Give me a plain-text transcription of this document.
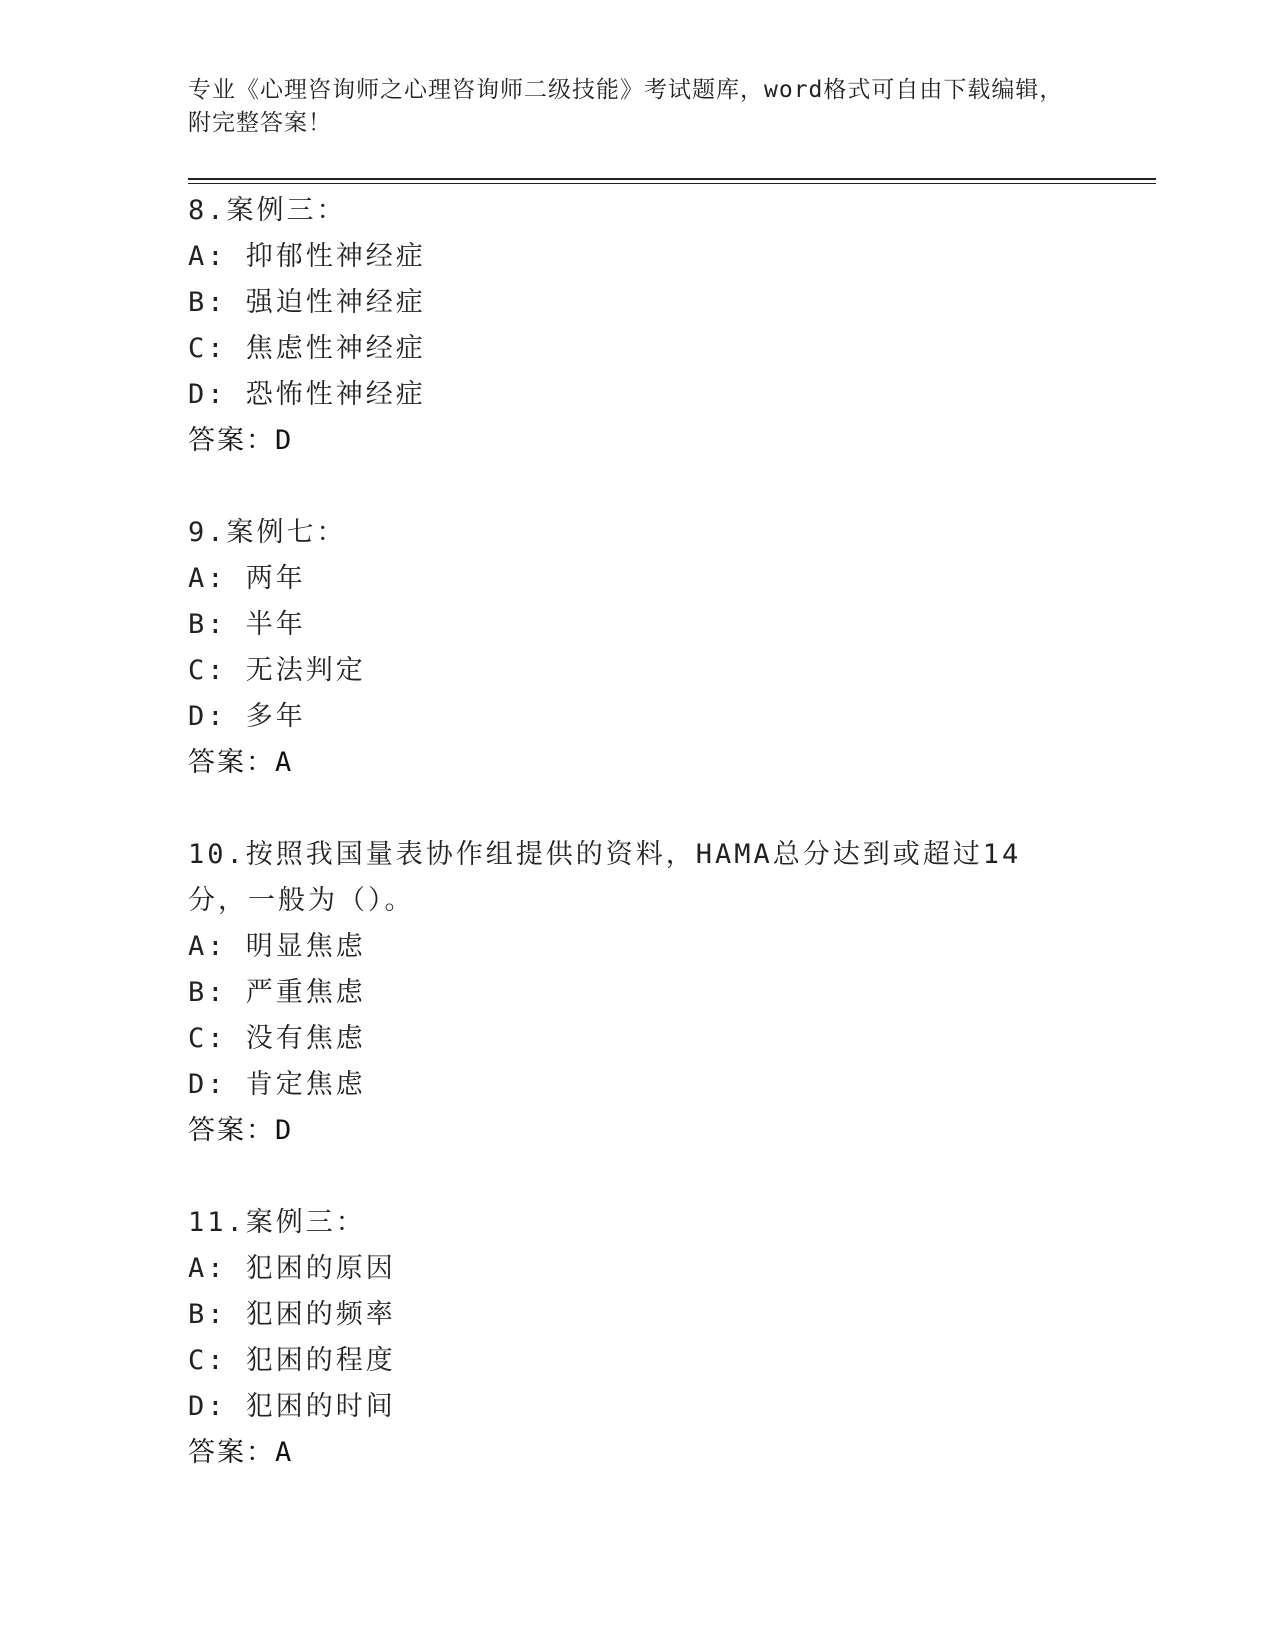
专业《心理咨询师之心理咨询师二级技能》考试题库，word格式可自由下载编辑，附完整答案！
8.案例三：
A: 抑郁性神经症
B: 强迫性神经症
C: 焦虑性神经症
D: 恐怖性神经症
答案：D
9.案例七：
A: 两年
B: 半年
C: 无法判定
D: 多年
答案：A
10.按照我国量表协作组提供的资料，HAMA总分达到或超过14分，一般为（）。
A: 明显焦虑
B: 严重焦虑
C: 没有焦虑
D: 肯定焦虑
答案：D
11.案例三：
A: 犯困的原因
B: 犯困的频率
C: 犯困的程度
D: 犯困的时间
答案：A
